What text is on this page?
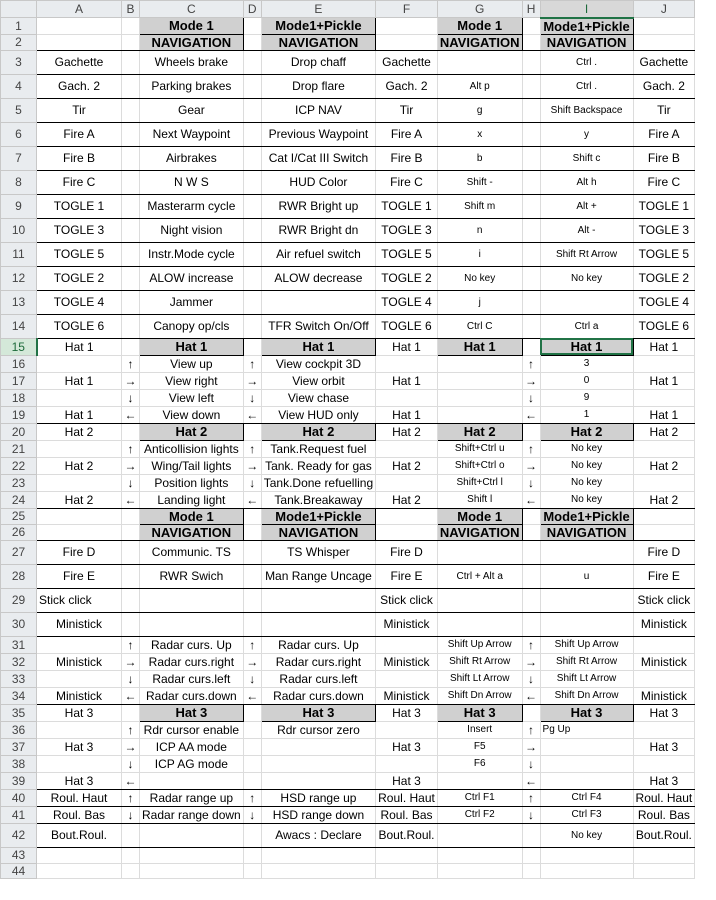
	A	B	C	D	E	F	G	H	I	J
1			Mode 1		Mode1+Pickle		Mode 1		Mode1+Pickle	
2			NAVIGATION		NAVIGATION		NAVIGATION		NAVIGATION	
3	Gachette		Wheels brake		Drop chaff	Gachette			Ctrl .	Gachette
4	Gach. 2		Parking brakes		Drop flare	Gach. 2	Alt p		Ctrl .	Gach. 2
5	Tir		Gear		ICP NAV	Tir	g		Shift Backspace	Tir
6	Fire A		Next Waypoint		Previous Waypoint	Fire A	x		y	Fire A
7	Fire B		Airbrakes		Cat I/Cat III Switch	Fire B	b		Shift c	Fire B
8	Fire C		N W S		HUD Color	Fire C	Shift -		Alt h	Fire C
9	TOGLE 1		Masterarm cycle		RWR Bright up	TOGLE 1	Shift m		Alt +	TOGLE 1
10	TOGLE 3		Night vision		RWR Bright dn	TOGLE 3	n		Alt -	TOGLE 3
11	TOGLE 5		Instr.Mode cycle		Air refuel switch	TOGLE 5	i		Shift Rt Arrow	TOGLE 5
12	TOGLE 2		ALOW increase		ALOW decrease	TOGLE 2	No key		No key	TOGLE 2
13	TOGLE 4		Jammer			TOGLE 4	j			TOGLE 4
14	TOGLE 6		Canopy op/cls		TFR Switch On/Off	TOGLE 6	Ctrl C		Ctrl a	TOGLE 6
15	Hat 1		Hat 1		Hat 1	Hat 1	Hat 1		Hat 1	Hat 1
16		↑	View up	↑	View cockpit 3D			↑	3	
17	Hat 1	→	View right	→	View orbit	Hat 1		→	0	Hat 1
18		↓	View left	↓	View chase			↓	9	
19	Hat 1	←	View down	←	View HUD only	Hat 1		←	1	Hat 1
20	Hat 2		Hat 2		Hat 2	Hat 2	Hat 2		Hat 2	Hat 2
21		↑	Anticollision lights	↑	Tank.Request fuel		Shift+Ctrl u	↑	No key	
22	Hat 2	→	Wing/Tail lights	→	Tank. Ready for gas	Hat 2	Shift+Ctrl o	→	No key	Hat 2
23		↓	Position lights	↓	Tank.Done refuelling		Shift+Ctrl l	↓	No key	
24	Hat 2	←	Landing light	←	Tank.Breakaway	Hat 2	Shift l	←	No key	Hat 2
25			Mode 1		Mode1+Pickle		Mode 1		Mode1+Pickle	
26			NAVIGATION		NAVIGATION		NAVIGATION		NAVIGATION	
27	Fire D		Communic. TS		TS Whisper	Fire D				Fire D
28	Fire E		RWR Swich		Man Range Uncage	Fire E	Ctrl + Alt a		u	Fire E
29	Stick click					Stick click				Stick click
30	Ministick					Ministick				Ministick
31		↑	Radar curs. Up	↑	Radar curs. Up		Shift Up Arrow	↑	Shift Up Arrow	
32	Ministick	→	Radar curs.right	→	Radar curs.right	Ministick	Shift Rt Arrow	→	Shift Rt Arrow	Ministick
33		↓	Radar curs.left	↓	Radar curs.left		Shift Lt Arrow	↓	Shift Lt Arrow	
34	Ministick	←	Radar curs.down	←	Radar curs.down	Ministick	Shift Dn Arrow	←	Shift Dn Arrow	Ministick
35	Hat 3		Hat 3		Hat 3	Hat 3	Hat 3		Hat 3	Hat 3
36		↑	Rdr cursor enable		Rdr cursor zero		Insert	↑	Pg Up	
37	Hat 3	→	ICP AA mode			Hat 3	F5	→		Hat 3
38		↓	ICP AG mode				F6	↓		
39	Hat 3	←				Hat 3		←		Hat 3
40	Roul. Haut	↑	Radar range up	↑	HSD range up	Roul. Haut	Ctrl F1	↑	Ctrl F4	Roul. Haut
41	Roul. Bas	↓	Radar range down	↓	HSD range down	Roul. Bas	Ctrl F2	↓	Ctrl F3	Roul. Bas
42	Bout.Roul.				Awacs : Declare	Bout.Roul.			No key	Bout.Roul.
43										
44										
